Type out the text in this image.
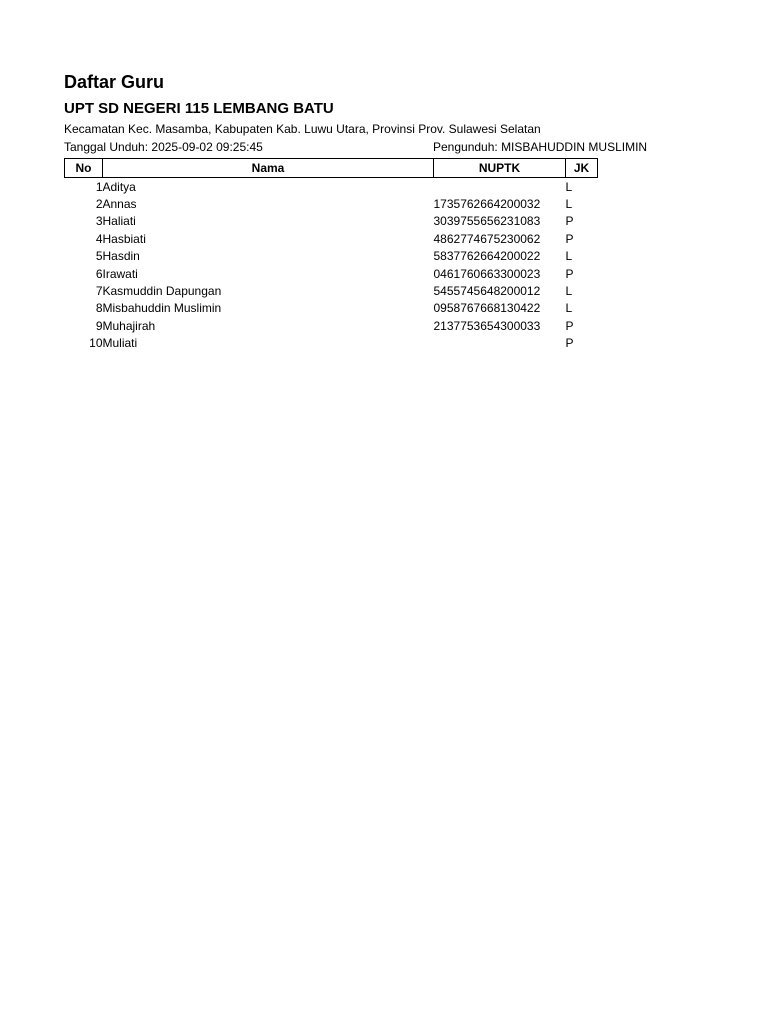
Daftar Guru
UPT SD NEGERI 115 LEMBANG BATU
Kecamatan Kec. Masamba, Kabupaten Kab. Luwu Utara, Provinsi Prov. Sulawesi Selatan
Tanggal Unduh: 2025-09-02 09:25:45	Pengunduh: MISBAHUDDIN MUSLIMIN
No	Nama	NUPTK	JK
1	Aditya		L
2	Annas	1735762664200032	L
3	Haliati	3039755656231083	P
4	Hasbiati	4862774675230062	P
5	Hasdin	5837762664200022	L
6	Irawati	0461760663300023	P
7	Kasmuddin Dapungan	5455745648200012	L
8	Misbahuddin Muslimin	0958767668130422	L
9	Muhajirah	2137753654300033	P
10	Muliati		P
